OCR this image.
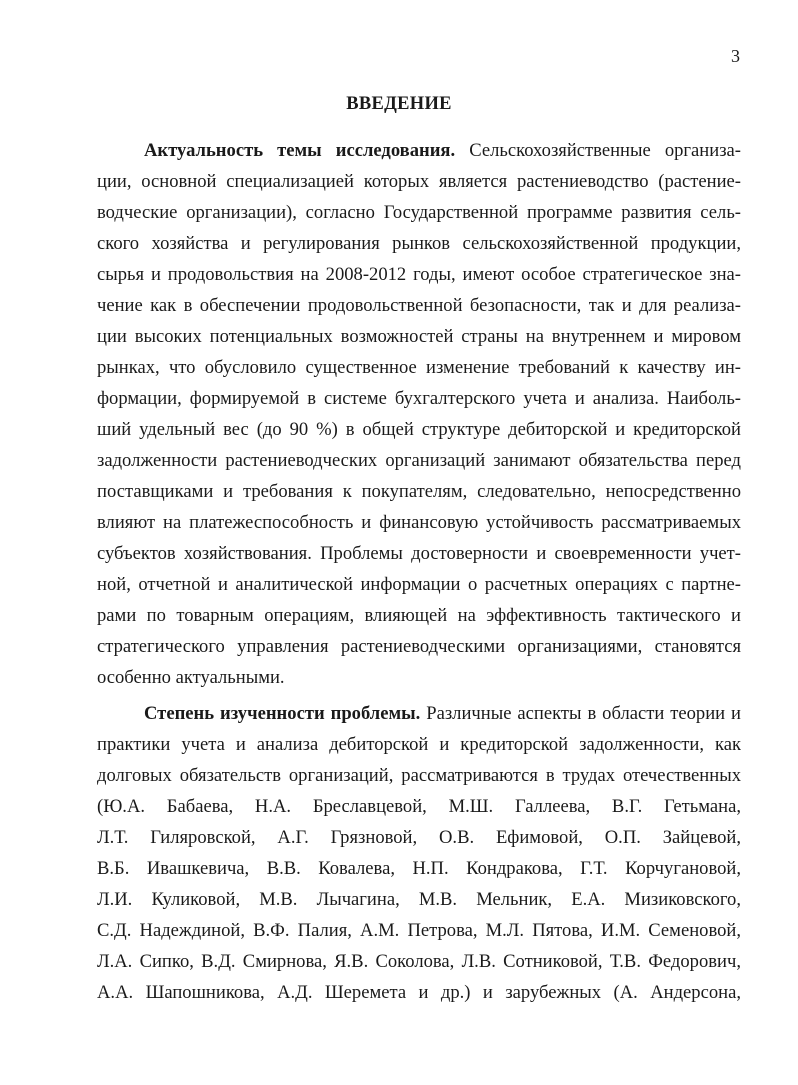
3
ВВЕДЕНИЕ
Актуальность темы исследования. Сельскохозяйственные организа-
ции, основной специализацией которых является растениеводство (растение-
водческие организации), согласно Государственной программе развития сель-
ского хозяйства и регулирования рынков сельскохозяйственной продукции,
сырья и продовольствия на 2008-2012 годы, имеют особое стратегическое зна-
чение как в обеспечении продовольственной безопасности, так и для реализа-
ции высоких потенциальных возможностей страны на внутреннем и мировом
рынках, что обусловило существенное изменение требований к качеству ин-
формации, формируемой в системе бухгалтерского учета и анализа. Наиболь-
ший удельный вес (до 90 %) в общей структуре дебиторской и кредиторской
задолженности растениеводческих организаций занимают обязательства перед
поставщиками и требования к покупателям, следовательно, непосредственно
влияют на платежеспособность и финансовую устойчивость рассматриваемых
субъектов хозяйствования. Проблемы достоверности и своевременности учет-
ной, отчетной и аналитической информации о расчетных операциях с партне-
рами по товарным операциям, влияющей на эффективность тактического и
стратегического управления растениеводческими организациями, становятся
особенно актуальными.
Степень изученности проблемы. Различные аспекты в области теории и
практики учета и анализа дебиторской и кредиторской задолженности, как
долговых обязательств организаций, рассматриваются в трудах отечественных
(Ю.А. Бабаева, Н.А. Бреславцевой, М.Ш. Галлеева, В.Г. Гетьмана,
Л.Т. Гиляровской, А.Г. Грязновой, О.В. Ефимовой, О.П. Зайцевой,
В.Б. Ивашкевича, В.В. Ковалева, Н.П. Кондракова, Г.Т. Корчугановой,
Л.И. Куликовой, М.В. Лычагина, М.В. Мельник, Е.А. Мизиковского,
С.Д. Надеждиной, В.Ф. Палия, А.М. Петрова, М.Л. Пятова, И.М. Семеновой,
Л.А. Сипко, В.Д. Смирнова, Я.В. Соколова, Л.В. Сотниковой, Т.В. Федорович,
А.А. Шапошникова, А.Д. Шеремета и др.) и зарубежных (А. Андерсона,
